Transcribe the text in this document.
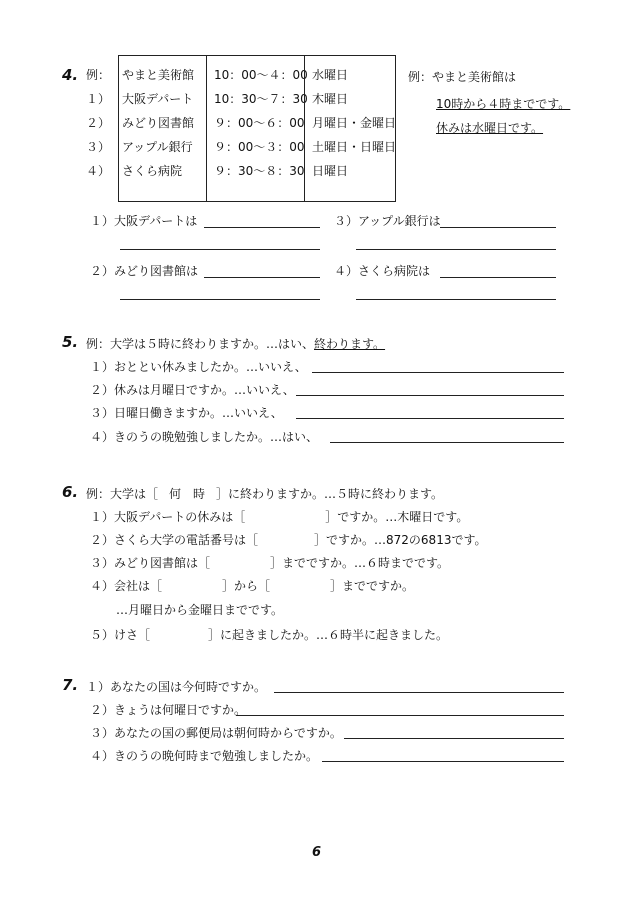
4. 例： やまと美術館 10：00～４：00 水曜日
１） 大阪デパート 10：30～７：30 木曜日
２） みどり図書館 ９：00～６：00 月曜日・金曜日
３） アップル銀行 ９：00～３：00 土曜日・日曜日
４） さくら病院	９：30～８：30 日曜日
例：やまと美術館は
10時から４時までです。
休みは水曜日です。
１）大阪デパートは	３）アップル銀行は
２）みどり図書館は	４）さくら病院は
5. 例：大学は５時に終わりますか。…はい、終わります。
１）おととい休みましたか。…いいえ、
２）休みは月曜日ですか。…いいえ、
３）日曜日働きますか。…いいえ、
４）きのうの晩勉強しましたか。…はい、
6. 例：大学は［ 何　時 ］に終わりますか。…５時に終わります。
１）大阪デパートの休みは［	］ですか。…木曜日です。
２）さくら大学の電話番号は［	］ですか。…872の6813です。
３）みどり図書館は［	］までですか。…６時までです。
４）会社は［	］から［	］までですか。
…月曜日から金曜日までです。
５）けさ［	］に起きましたか。…６時半に起きました。
7. １）あなたの国は今何時ですか。
２）きょうは何曜日ですか。
３）あなたの国の郵便局は朝何時からですか。
４）きのうの晩何時まで勉強しましたか。
6
